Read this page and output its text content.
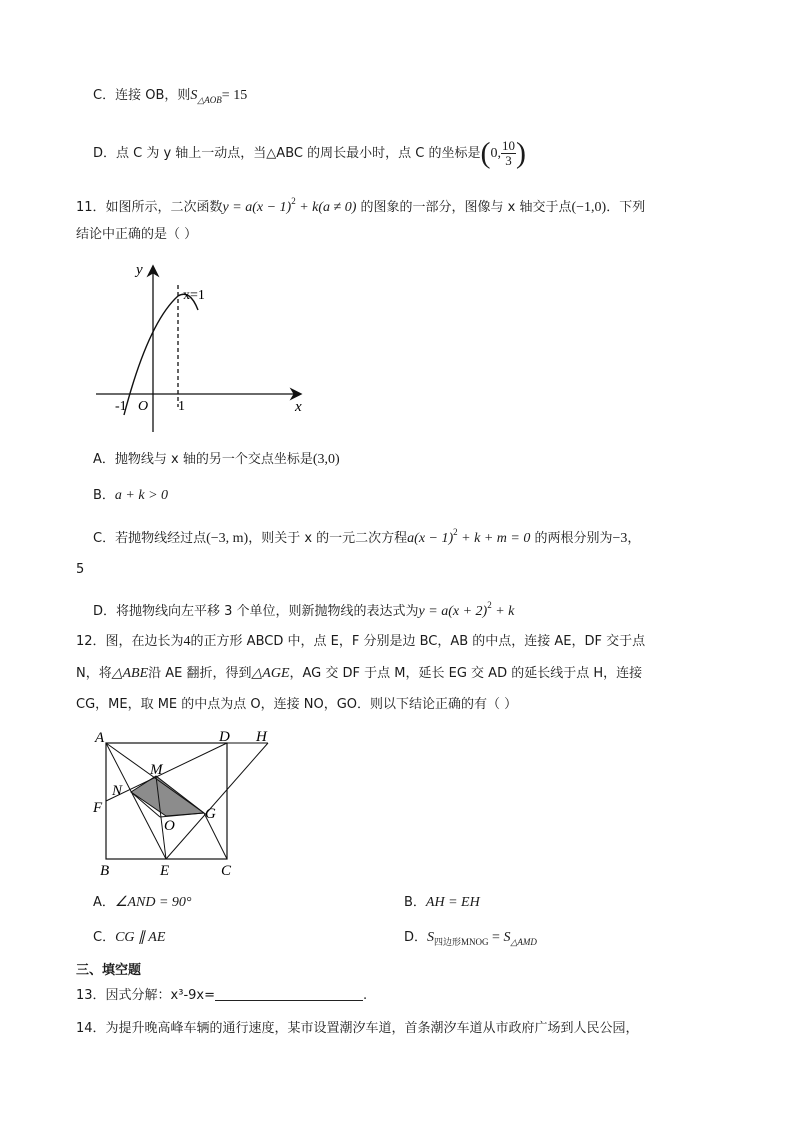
C．连接 OB，则$S_{\triangle AOB}= 15$
D．点 C 为 y 轴上一动点，当△ABC 的周长最小时，点 C 的坐标是(0, $\frac{10}{3}$ )
11．如图所示，二次函数$y = a(x - 1)^2 + k(a \ne 0)$ 的图象的一部分，图像与 x 轴交于点(−1,0)．下列
结论中正确的是（ ）
y
x
O
-1	1
x=1
A．抛物线与 x 轴的另一个交点坐标是(3,0)
B．a + k > 0
C．若抛物线经过点(−3, m)，则关于 x 的一元二次方程$a(x - 1)^2 + k + m = 0$ 的两根分别为−3，
5
D．将抛物线向左平移 3 个单位，则新抛物线的表达式为$y = a(x + 2)^2 + k$
12．图，在边长为4的正方形 ABCD 中，点 E，F 分别是边 BC，AB 的中点，连接 AE，DF 交于点
N，将△ABE沿 AE 翻折，得到△AGE，AG 交 DF 于点 M，延长 EG 交 AD 的延长线于点 H，连接
CG，ME，取 ME 的中点为点 O，连接 NO，GO．则以下结论正确的有（ ）
A	D H
M
N
F	G
O
B	E	C
A．∠AND = 90°	B．AH = EH
C．CG ∥ AE	D．$S_{四边形MNOG} = S_{\triangle AMD}$
三、填空题
13．因式分解：x³-9x=	.
14．为提升晚高峰车辆的通行速度，某市设置潮汐车道，首条潮汐车道从市政府广场到人民公园，
